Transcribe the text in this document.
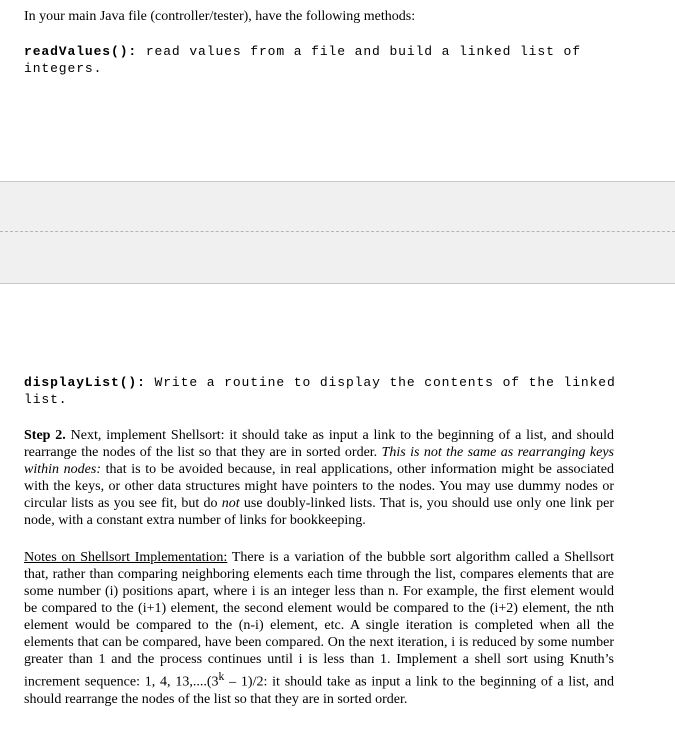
In your main Java file (controller/tester), have the following methods:
readValues(): read values from a file and build a linked list of integers.
displayList(): Write a routine to display the contents of the linked list.
Step 2. Next, implement Shellsort: it should take as input a link to the beginning of a list, and should rearrange the nodes of the list so that they are in sorted order. This is not the same as rearranging keys within nodes: that is to be avoided because, in real applications, other information might be associated with the keys, or other data structures might have pointers to the nodes. You may use dummy nodes or circular lists as you see fit, but do not use doubly-linked lists. That is, you should use only one link per node, with a constant extra number of links for bookkeeping.
Notes on Shellsort Implementation: There is a variation of the bubble sort algorithm called a Shellsort that, rather than comparing neighboring elements each time through the list, compares elements that are some number (i) positions apart, where i is an integer less than n. For example, the first element would be compared to the (i+1) element, the second element would be compared to the (i+2) element, the nth element would be compared to the (n-i) element, etc. A single iteration is completed when all the elements that can be compared, have been compared. On the next iteration, i is reduced by some number greater than 1 and the process continues until i is less than 1. Implement a shell sort using Knuth’s increment sequence: 1, 4, 13,....(3$^k$ – 1)/2: it should take as input a link to the beginning of a list, and should rearrange the nodes of the list so that they are in sorted order.
